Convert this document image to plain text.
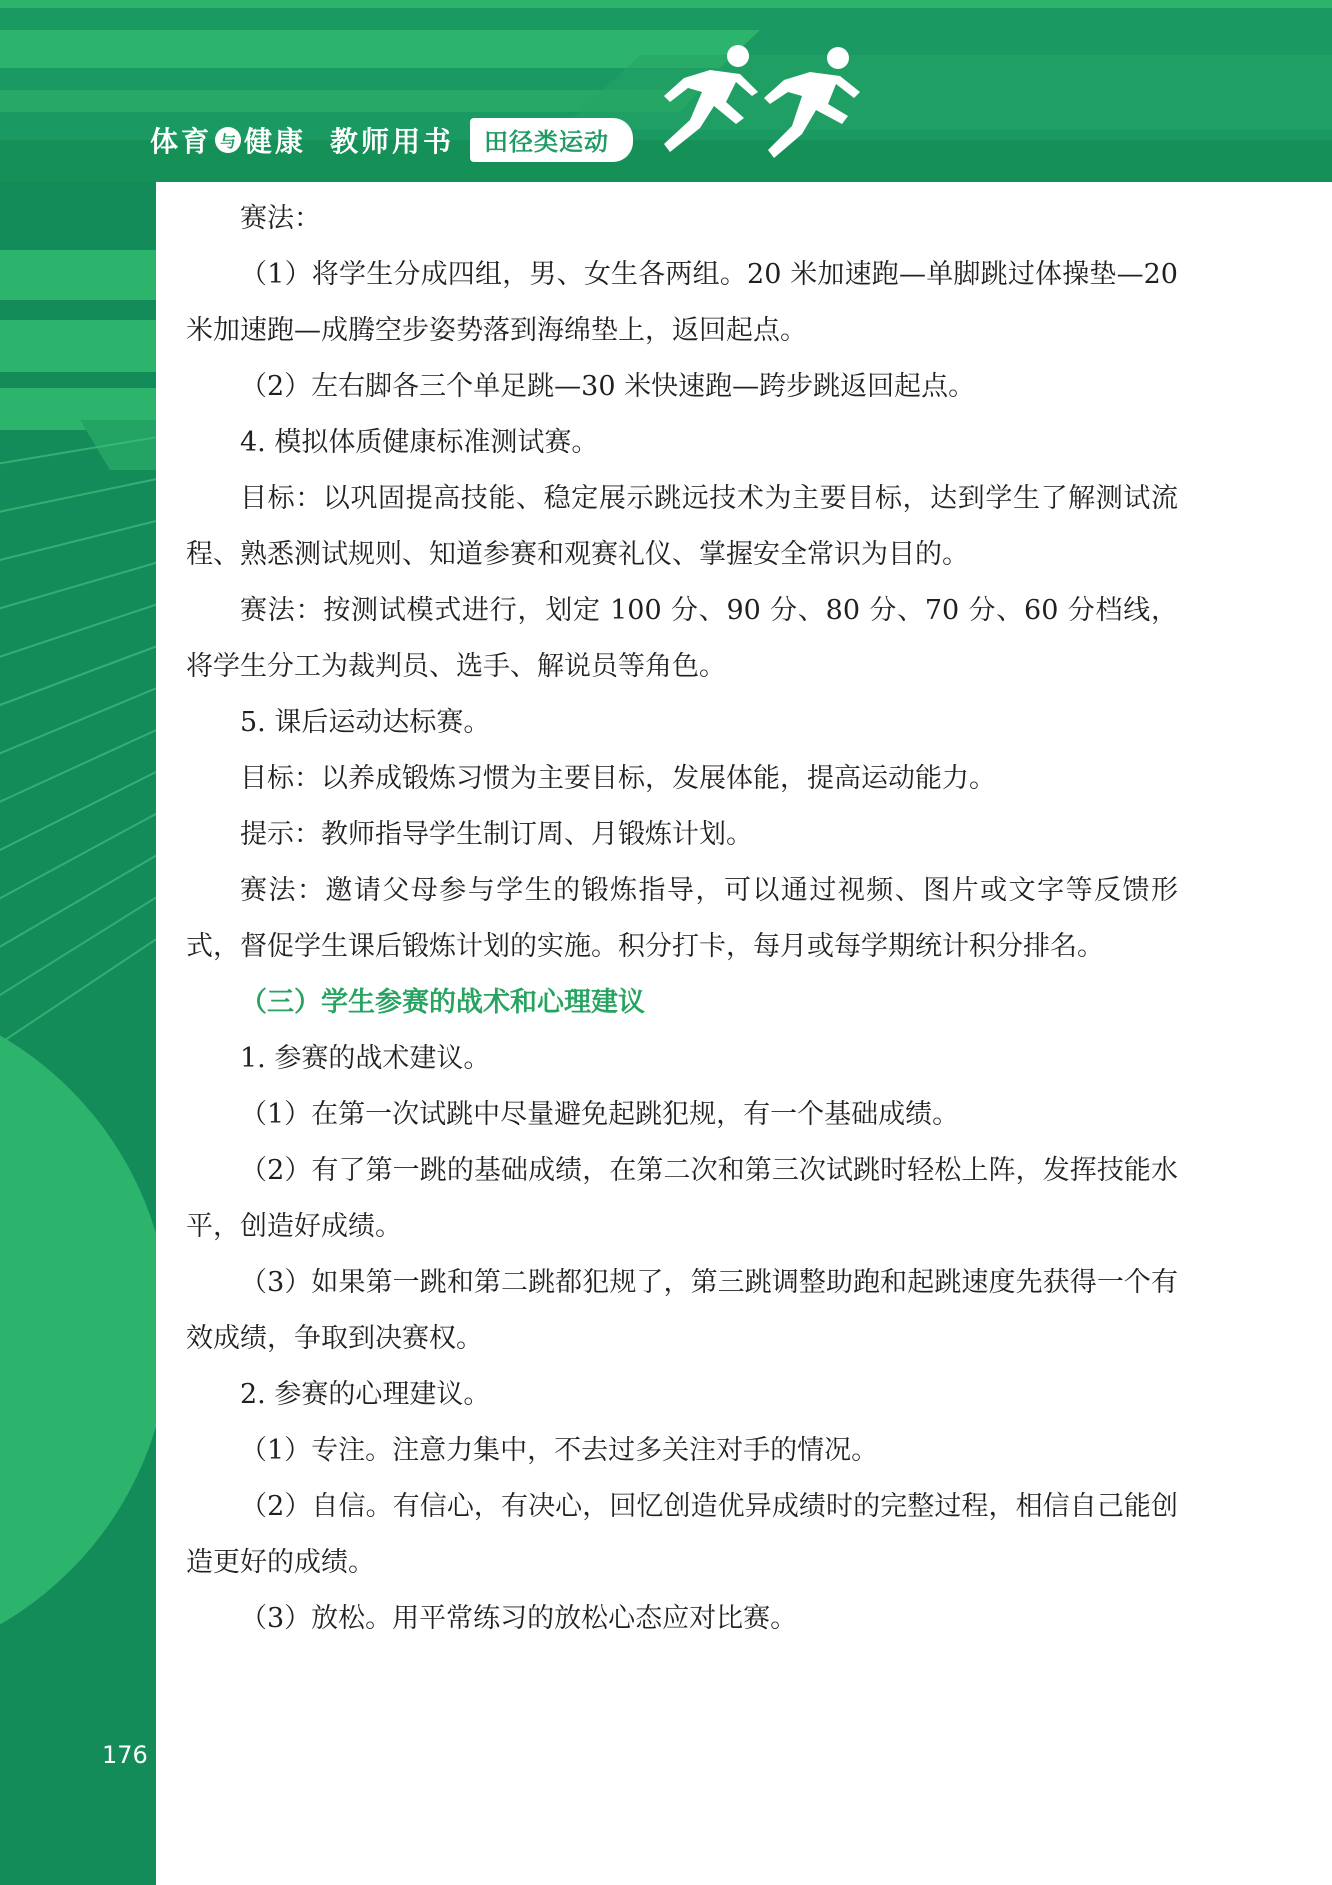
体育 与 健康 教师用书	田径类运动

赛法：

（1）将学生分成四组，男、女生各两组。20 米加速跑—单脚跳过体操垫—20米加速跑—成腾空步姿势落到海绵垫上，返回起点。

（2）左右脚各三个单足跳—30 米快速跑—跨步跳返回起点。

4. 模拟体质健康标准测试赛。

目标：以巩固提高技能、稳定展示跳远技术为主要目标，达到学生了解测试流程、熟悉测试规则、知道参赛和观赛礼仪、掌握安全常识为目的。

赛法：按测试模式进行，划定 100 分、90 分、80 分、70 分、60 分档线，将学生分工为裁判员、选手、解说员等角色。

5. 课后运动达标赛。

目标：以养成锻炼习惯为主要目标，发展体能，提高运动能力。

提示：教师指导学生制订周、月锻炼计划。

赛法：邀请父母参与学生的锻炼指导，可以通过视频、图片或文字等反馈形式，督促学生课后锻炼计划的实施。积分打卡，每月或每学期统计积分排名。

（三）学生参赛的战术和心理建议

1. 参赛的战术建议。

（1）在第一次试跳中尽量避免起跳犯规，有一个基础成绩。

（2）有了第一跳的基础成绩，在第二次和第三次试跳时轻松上阵，发挥技能水平，创造好成绩。

（3）如果第一跳和第二跳都犯规了，第三跳调整助跑和起跳速度先获得一个有效成绩，争取到决赛权。

2. 参赛的心理建议。

（1）专注。注意力集中，不去过多关注对手的情况。

（2）自信。有信心，有决心，回忆创造优异成绩时的完整过程，相信自己能创造更好的成绩。

（3）放松。用平常练习的放松心态应对比赛。

176
